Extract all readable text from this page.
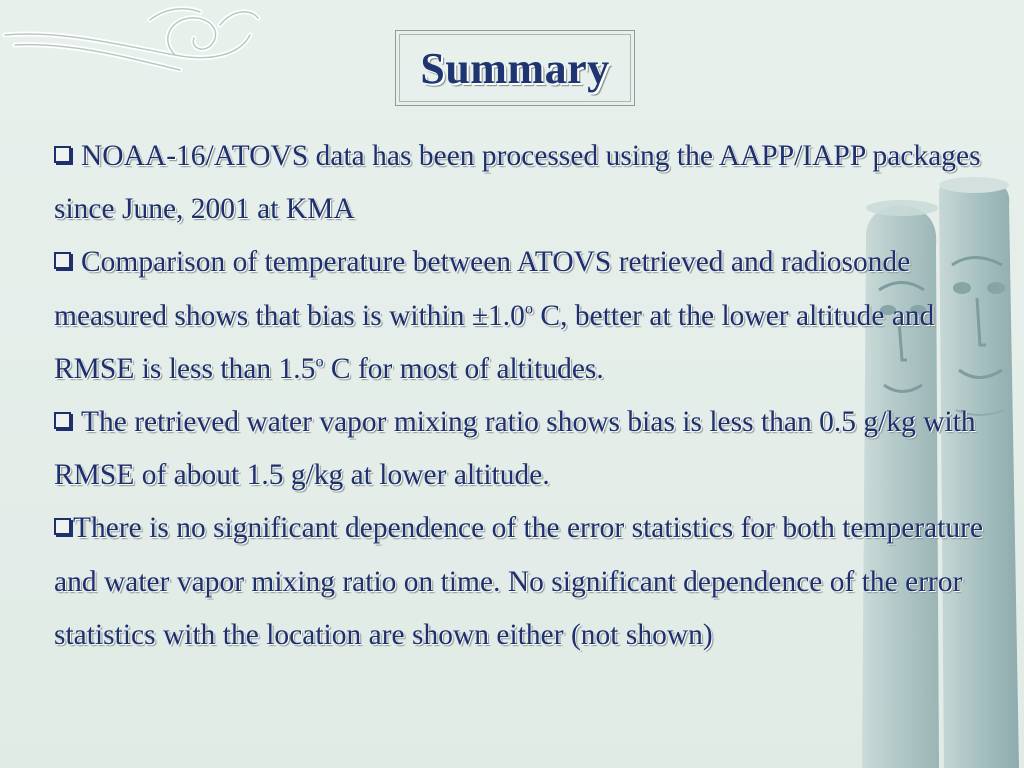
Summary

NOAA-16/ATOVS data has been processed using the AAPP/IAPP packages since June, 2001 at KMA

Comparison of temperature between ATOVS retrieved and radiosonde measured shows that bias is within $\pm 1.0^o$ C, better at the lower altitude and RMSE is less than 1.5$^o$ C for most of altitudes.

The retrieved water vapor mixing ratio shows bias is less than 0.5 g/kg with RMSE of about 1.5 g/kg at lower altitude.

There is no significant dependence of the error statistics for both temperature and water vapor mixing ratio on time. No significant dependence of the error statistics with the location are shown either (not shown)
